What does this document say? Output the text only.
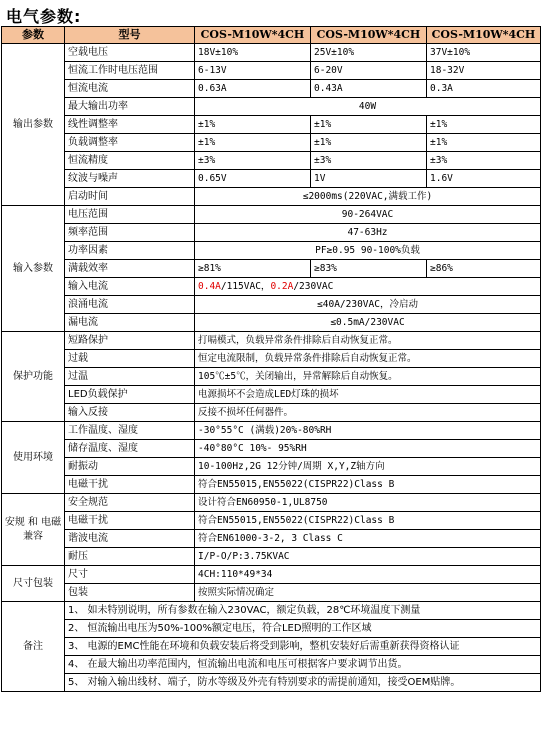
电气参数:
参数	型号	COS-M10W*4CH	COS-M10W*4CH	COS-M10W*4CH
输出参数	空载电压	18V±10%	25V±10%	37V±10%
	恒流工作时电压范围	6-13V	6-20V	18-32V
	恒流电流	0.63A	0.43A	0.3A
	最大输出功率	40W		
	线性调整率	±1%	±1%	±1%
	负载调整率	±1%	±1%	±1%
	恒流精度	±3%	±3%	±3%
	纹波与噪声	0.65V	1V	1.6V
	启动时间	≤2000ms(220VAC,满载工作)		
输入参数	电压范围	90-264VAC		
	频率范围	47-63Hz		
	功率因素	PF≥0.95 90-100%负载		
	满载效率	≥81%	≥83%	≥86%
	输入电流	0.4A/115VAC，0.2A/230VAC		
	浪涌电流	≤40A/230VAC，冷启动		
	漏电流	≤0.5mA/230VAC		
保护功能	短路保护	打嗝模式，负载异常条件排除后自动恢复正常。		
	过载	恒定电流限制，负载异常条件排除后自动恢复正常。		
	过温	105℃±5℃，关闭输出，异常解除后自动恢复。		
	LED负载保护	电源损坏不会造成LED灯珠的损坏		
	输入反接	反接不损坏任何器件。		
使用环境	工作温度、湿度	-30°55°C (满载)20%-80%RH		
	储存温度、湿度	-40°80°C 10%- 95%RH		
	耐振动	10-100Hz,2G 12分钟/周期 X,Y,Z轴方向		
	电磁干扰	符合EN55015,EN55022(CISPR22)Class B		
安规 和 电磁兼容	安全规范	设计符合EN60950-1,UL8750		
	电磁干扰	符合EN55015,EN55022(CISPR22)Class B		
	谐波电流	符合EN61000-3-2, 3 Class C		
	耐压	I/P-O/P:3.75KVAC		
尺寸包装	尺寸	4CH:110*49*34		
	包装	按照实际情况确定		
备注	1、 如未特别说明，所有参数在输入230VAC，额定负载，28℃环境温度下测量			
	2、 恒流输出电压为50%-100%额定电压，符合LED照明的工作区域			
	3、 电源的EMC性能在环境和负载安装后将受到影响，整机安装好后需重新获得资格认证			
	4、 在最大输出功率范围内，恒流输出电流和电压可根据客户要求调节出货。			
	5、 对输入输出线材、端子，防水等级及外壳有特别要求的需提前通知，接受OEM贴牌。			
